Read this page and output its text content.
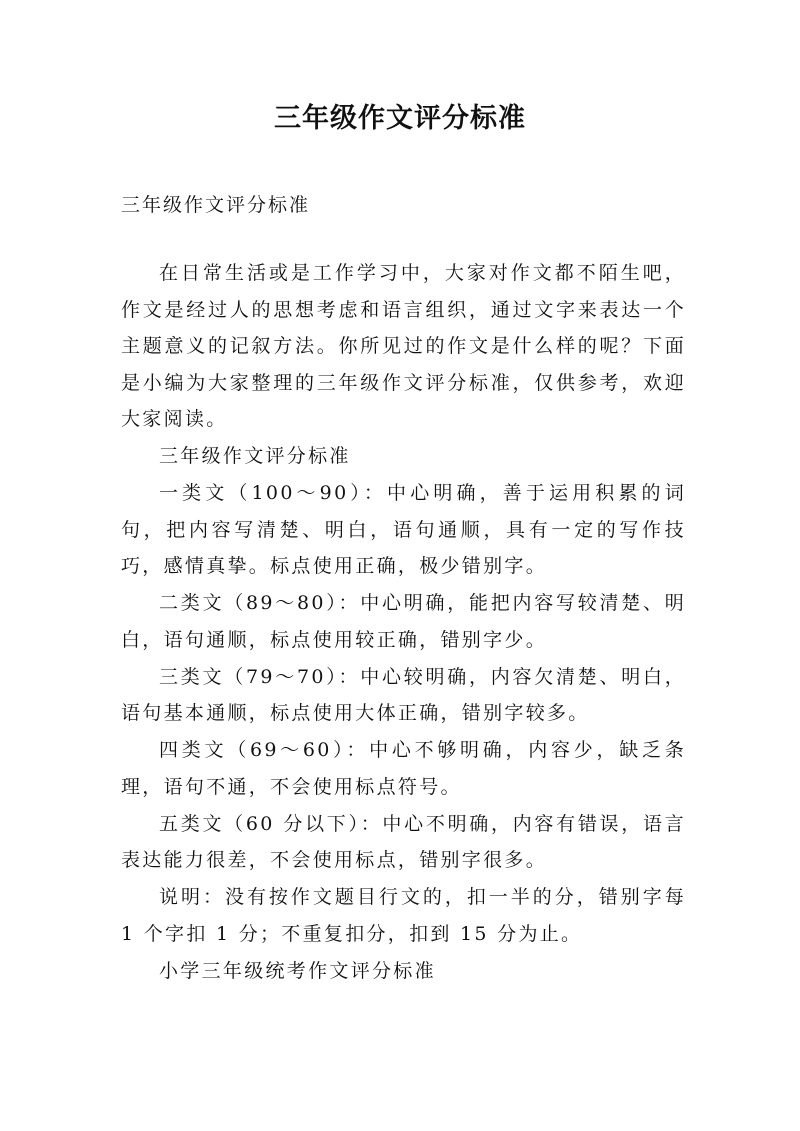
三年级作文评分标准
三年级作文评分标准

在日常生活或是工作学习中，大家对作文都不陌生吧，作文是经过人的思想考虑和语言组织，通过文字来表达一个主题意义的记叙方法。你所见过的作文是什么样的呢？下面是小编为大家整理的三年级作文评分标准，仅供参考，欢迎大家阅读。

三年级作文评分标准

一类文（100～90）：中心明确，善于运用积累的词句，把内容写清楚、明白，语句通顺，具有一定的写作技巧，感情真挚。标点使用正确，极少错别字。

二类文（89～80）：中心明确，能把内容写较清楚、明白，语句通顺，标点使用较正确，错别字少。

三类文（79～70）：中心较明确，内容欠清楚、明白，语句基本通顺，标点使用大体正确，错别字较多。

四类文（69～60）：中心不够明确，内容少，缺乏条理，语句不通，不会使用标点符号。

五类文（60 分以下）：中心不明确，内容有错误，语言表达能力很差，不会使用标点，错别字很多。

说明：没有按作文题目行文的，扣一半的分，错别字每 1 个字扣 1 分；不重复扣分，扣到 15 分为止。

小学三年级统考作文评分标准
